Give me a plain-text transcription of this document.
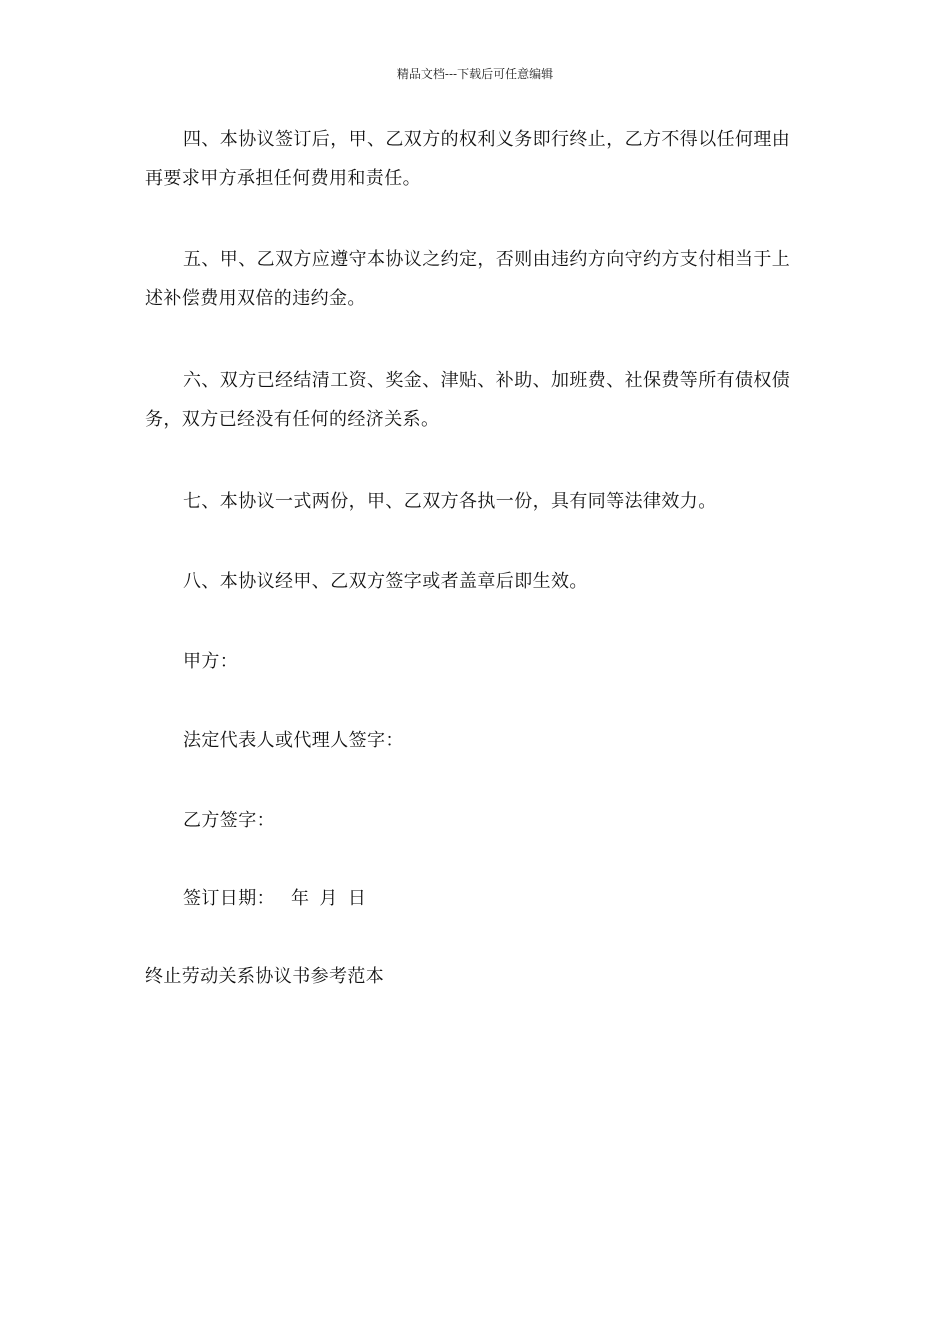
精品文档---下载后可任意编辑

四、本协议签订后，甲、乙双方的权利义务即行终止，乙方不得以任何理由再要求甲方承担任何费用和责任。

五、甲、乙双方应遵守本协议之约定，否则由违约方向守约方支付相当于上述补偿费用双倍的违约金。

六、双方已经结清工资、奖金、津贴、补助、加班费、社保费等所有债权债务，双方已经没有任何的经济关系。

七、本协议一式两份，甲、乙双方各执一份，具有同等法律效力。

八、本协议经甲、乙双方签字或者盖章后即生效。

甲方：
法定代表人或代理人签字：
乙方签字：
签订日期： 年 月 日
终止劳动关系协议书参考范本
